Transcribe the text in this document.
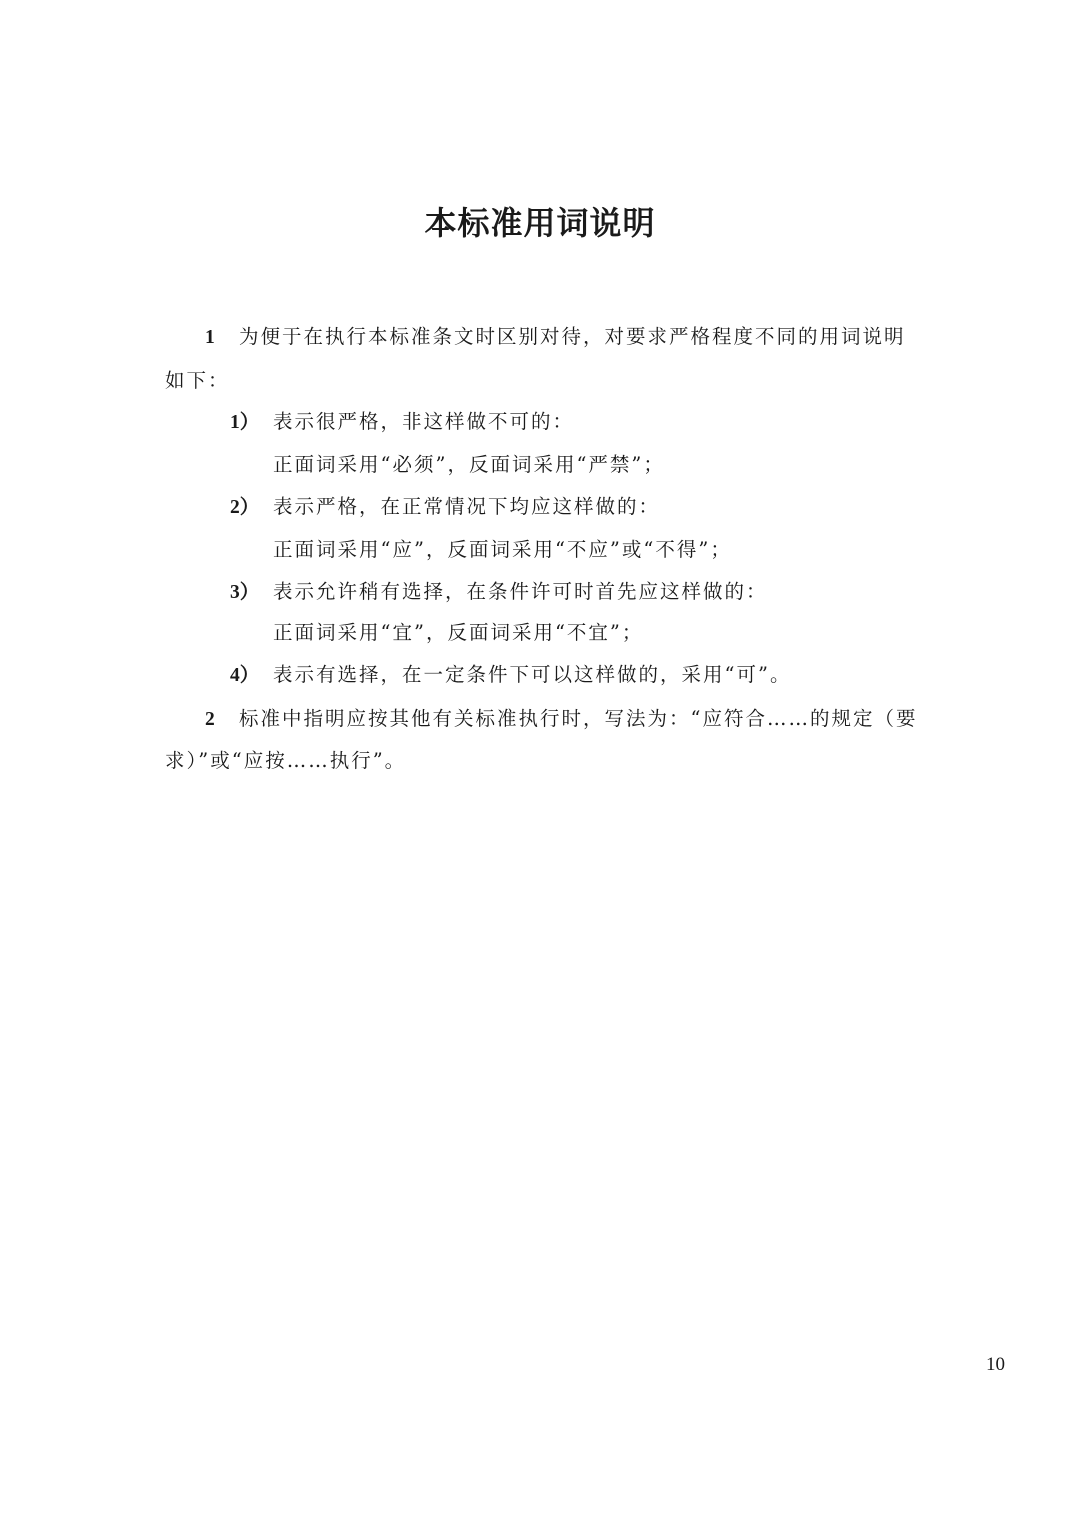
本标准用词说明
1 为便于在执行本标准条文时区别对待，对要求严格程度不同的用词说明
如下：
1） 表示很严格，非这样做不可的：
正面词采用“必须”，反面词采用“严禁”；
2） 表示严格，在正常情况下均应这样做的：
正面词采用“应”，反面词采用“不应”或“不得”；
3） 表示允许稍有选择，在条件许可时首先应这样做的：
正面词采用“宜”，反面词采用“不宜”；
4） 表示有选择，在一定条件下可以这样做的，采用“可”。
2 标准中指明应按其他有关标准执行时，写法为：“应符合……的规定（要
求）”或“应按……执行”。
10
